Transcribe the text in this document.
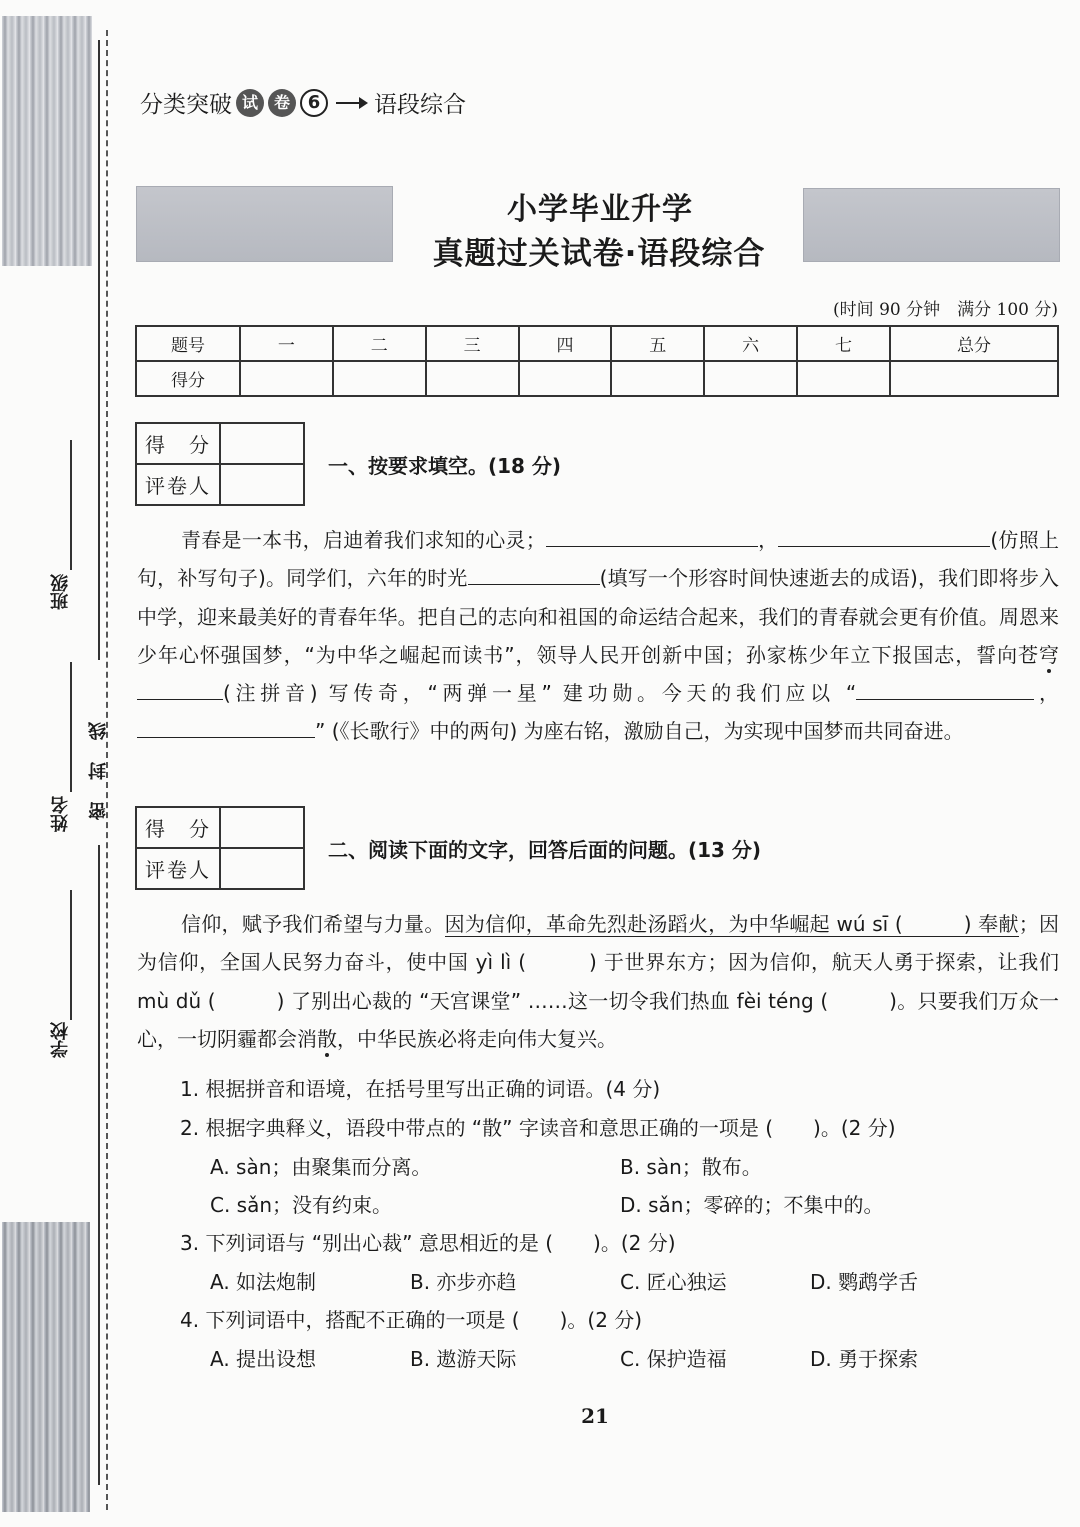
班级
姓名
学校
密封线
分类突破 试 卷 6	语段综合
小学毕业升学
真题过关试卷·语段综合
(时间 90 分钟　满分 100 分)
题号	一	二	三	四	五	六	七	总分
得分								
得　分	
评卷人	
一、按要求填空。(18 分)

青春是一本书，启迪着我们求知的心灵；	，	(仿照上句，补写句子)。同学们，六年的时光	(填写一个形容时间快速逝去的成语)，我们即将步入中学，迎来最美好的青春年华。把自己的志向和祖国的命运结合起来，我们的青春就会更有价值。周恩来少年心怀强国梦，“为中华之崛起而读书”，领导人民开创新中国；孙家栋少年立下报国志，誓向苍穹(注拼音) 写传奇，“两弹一星” 建功勋。今天的我们应以 “	，” (《长歌行》中的两句) 为座右铭，激励自己，为实现中国梦而共同奋进。

得　分	
评卷人	
二、阅读下面的文字，回答后面的问题。(13 分)

信仰，赋予我们希望与力量。因为信仰，革命先烈赴汤蹈火，为中华崛起 wú sī (　　　) 奉献；因为信仰，全国人民努力奋斗，使中国 yì lì (　　　) 于世界东方；因为信仰，航天人勇于探索，让我们 mù dǔ (　　　) 了别出心裁的 “天宫课堂” ……这一切令我们热血 fèi téng (　　　)。只要我们万众一心，一切阴霾都会消散，中华民族必将走向伟大复兴。

1. 根据拼音和语境，在括号里写出正确的词语。(4 分)
2. 根据字典释义，语段中带点的 “散” 字读音和意思正确的一项是 (　　)。(2 分)
A. sàn；由聚集而分离。	B. sàn；散布。
C. sǎn；没有约束。	D. sǎn；零碎的；不集中的。
3. 下列词语与 “别出心裁” 意思相近的是 (　　)。(2 分)
A. 如法炮制	B. 亦步亦趋	C. 匠心独运	D. 鹦鹉学舌
4. 下列词语中，搭配不正确的一项是 (　　)。(2 分)
A. 提出设想	B. 遨游天际	C. 保护造福	D. 勇于探索
21
